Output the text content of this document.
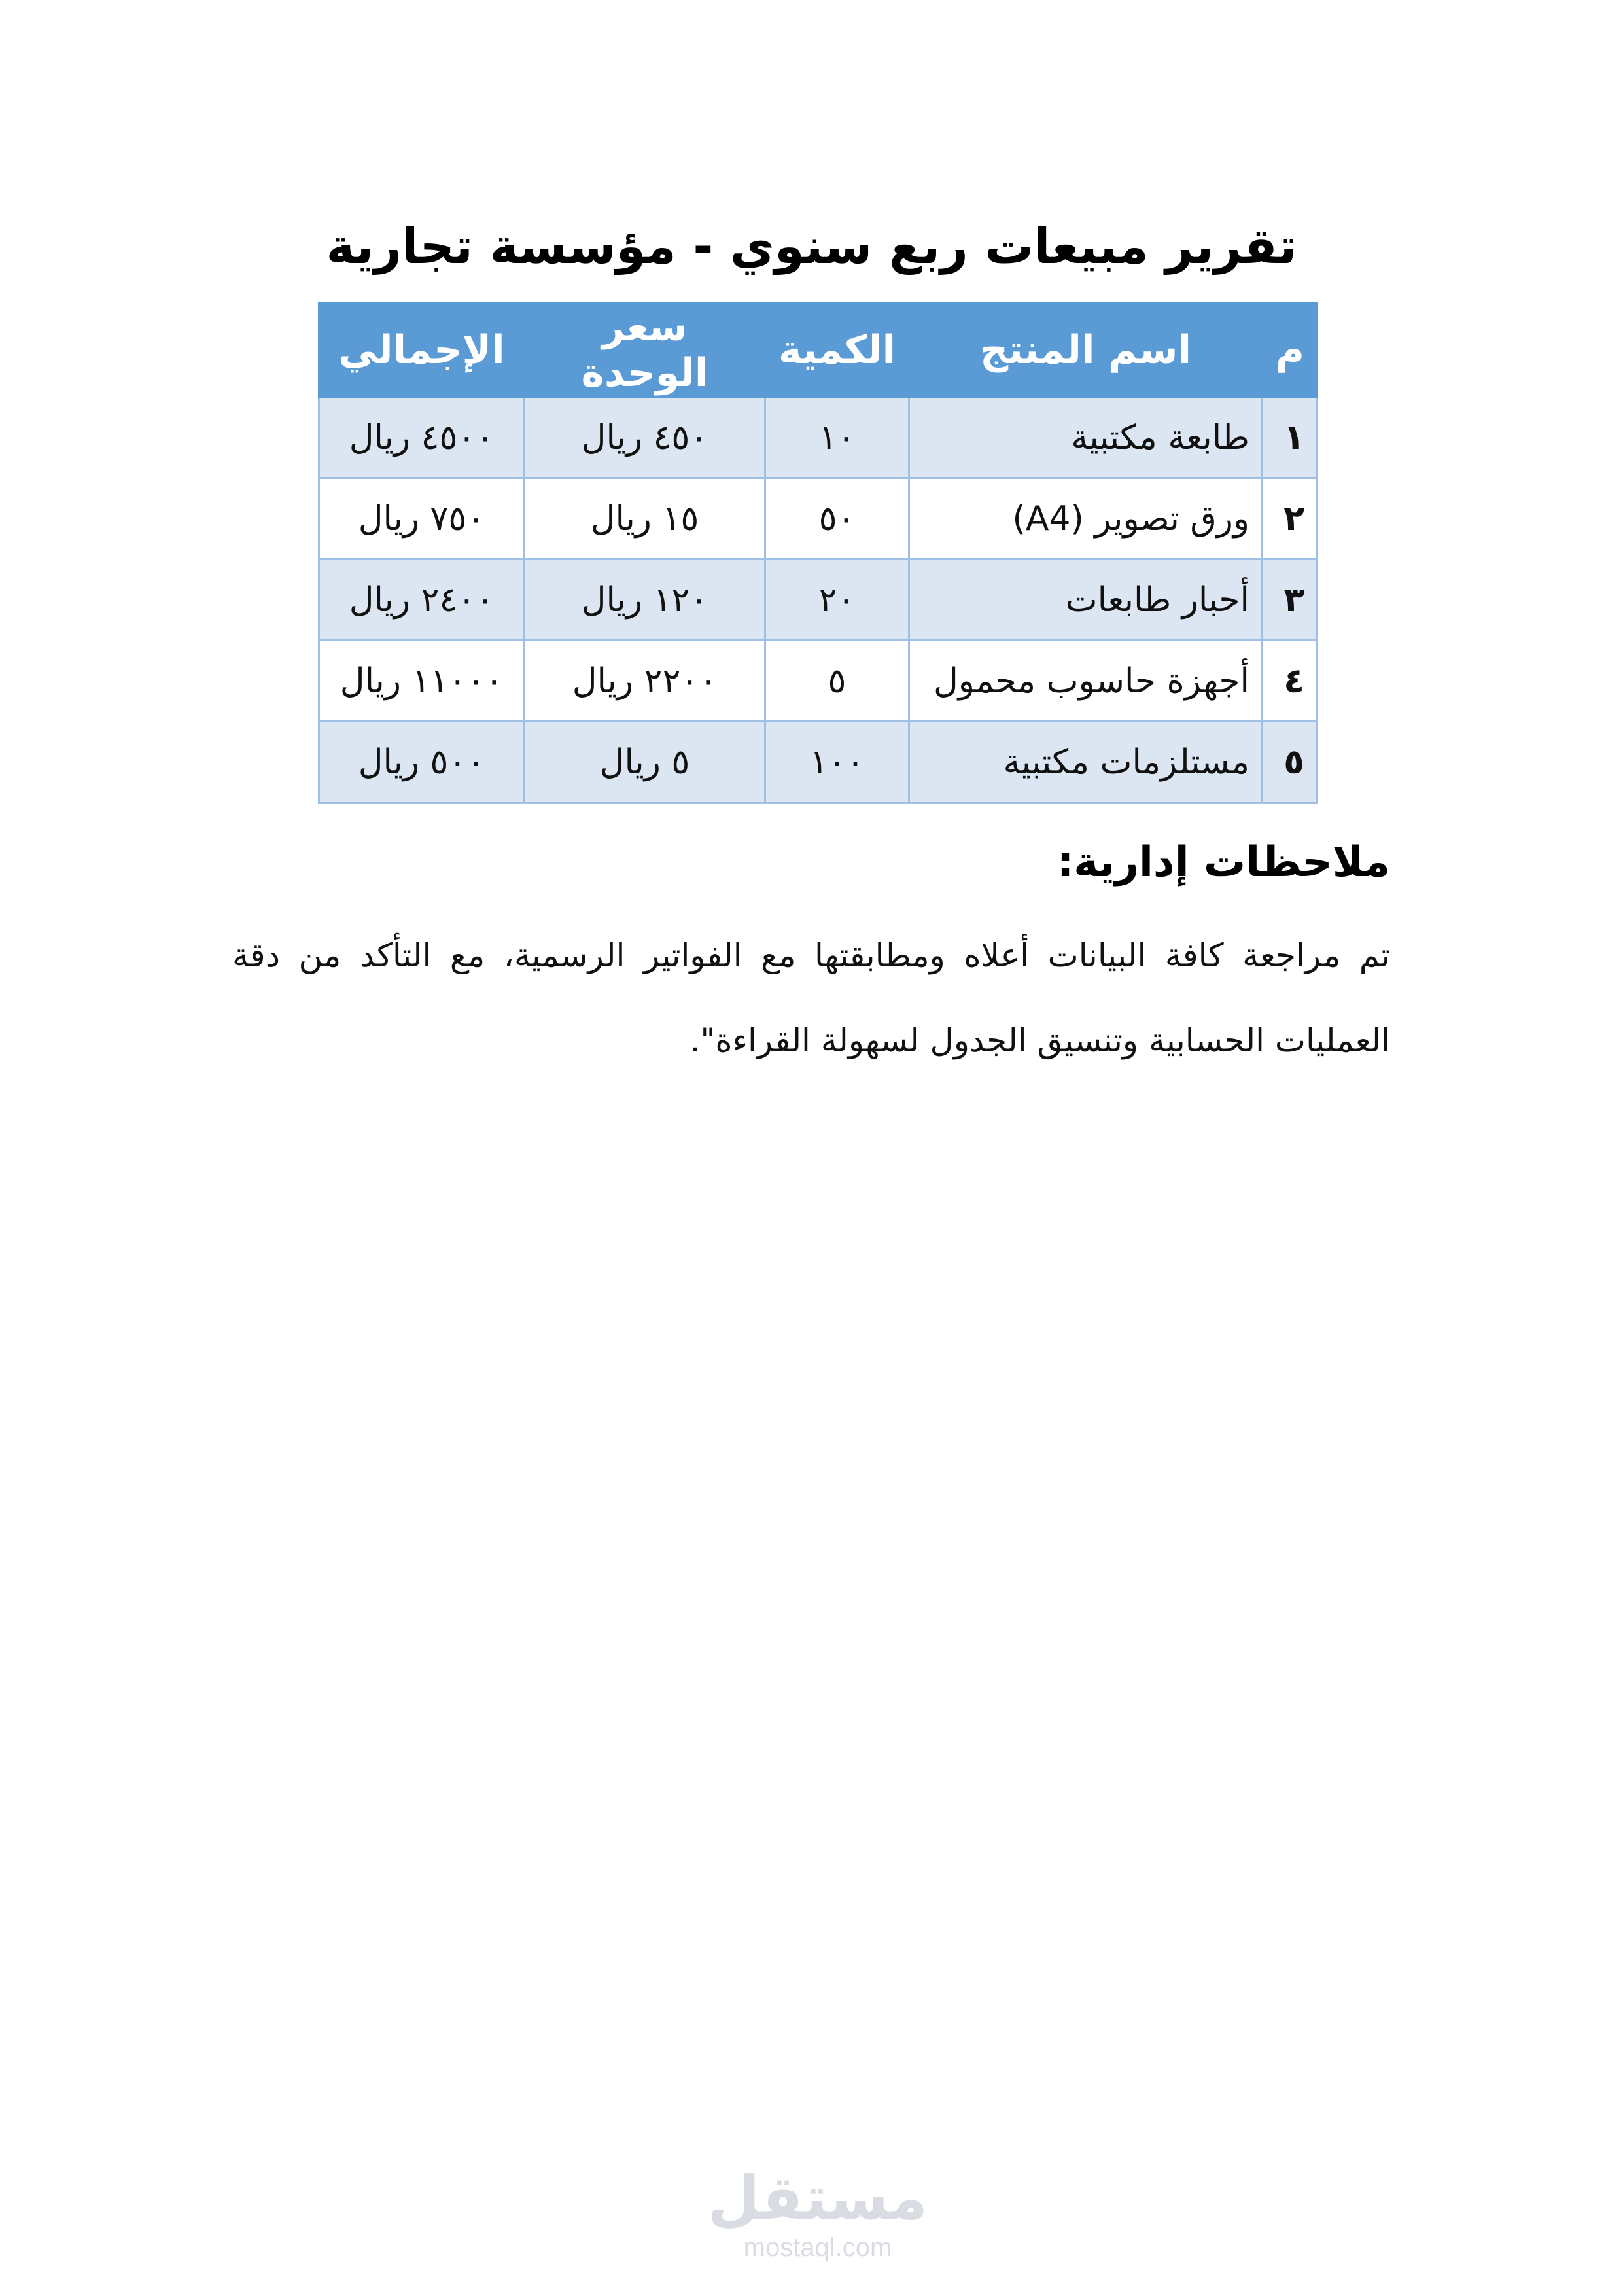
تقرير مبيعات ربع سنوي - مؤسسة تجارية
م	اسم المنتج	الكمية	سعر الوحدة	الإجمالي
١	طابعة مكتبية	١٠	٤٥٠ ريال	٤٥٠٠ ريال
٢	ورق تصوير (A4)	٥٠	١٥ ريال	٧٥٠ ريال
٣	أحبار طابعات	٢٠	١٢٠ ريال	٢٤٠٠ ريال
٤	أجهزة حاسوب محمول	٥	٢٢٠٠ ريال	١١٠٠٠ ريال
٥	مستلزمات مكتبية	١٠٠	٥ ريال	٥٠٠ ريال
ملاحظات إدارية:
تم مراجعة كافة البيانات أعلاه ومطابقتها مع الفواتير الرسمية، مع التأكد من دقة العمليات الحسابية وتنسيق الجدول لسهولة القراءة".
مستقل
mostaql.com
